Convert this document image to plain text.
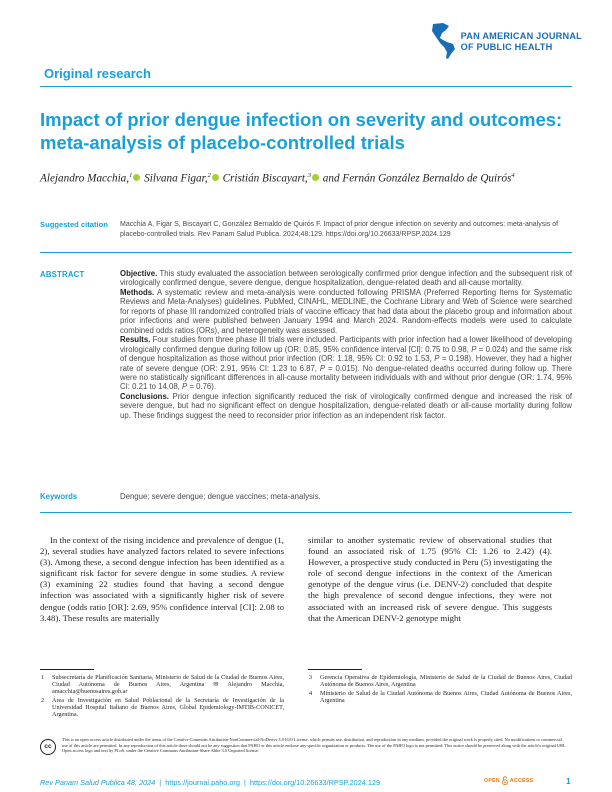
PAN AMERICAN JOURNAL
OF PUBLIC HEALTH
Original research
Impact of prior dengue infection on severity and outcomes: meta-analysis of placebo-controlled trials
Alejandro Macchia,$^1$ Silvana Figar,$^2$ Cristián Biscayart,$^3$ and Fernán González Bernaldo de Quirós$^4$
Suggested citation	Macchia A, Figar S, Biscayart C, González Bernaldo de Quirós F. Impact of prior dengue infection on severity and outcomes: meta-analysis of placebo-controlled trials. Rev Panam Salud Publica. 2024;48:129. https://doi.org/10.26633/RPSP.2024.129
ABSTRACT	Objective. This study evaluated the association between serologically confirmed prior dengue infection and the subsequent risk of virologically confirmed dengue, severe dengue, dengue hospitalization, dengue-related death and all-cause mortality.

Methods. A systematic review and meta-analysis were conducted following PRISMA (Preferred Reporting Items for Systematic Reviews and Meta-Analyses) guidelines. PubMed, CINAHL, MEDLINE, the Cochrane Library and Web of Science were searched for reports of phase III randomized controlled trials of vaccine efficacy that had data about the placebo group and information about prior infections and were published between January 1994 and March 2024. Random-effects models were used to calculate combined odds ratios (ORs), and heterogeneity was assessed.

Results. Four studies from three phase III trials were included. Participants with prior infection had a lower likelihood of developing virologically confirmed dengue during follow up (OR: 0.85, 95% confidence interval [CI]: 0.75 to 0.98, P = 0.024) and the same risk of dengue hospitalization as those without prior infection (OR: 1.18, 95% CI: 0.92 to 1.53, P = 0.198). However, they had a higher rate of severe dengue (OR: 2.91, 95% CI: 1.23 to 6.87, P = 0.015). No dengue-related deaths occurred during follow up. There were no statistically significant differences in all-cause mortality between individuals with and without prior dengue (OR: 1.74, 95% CI: 0.21 to 14.08, P = 0.76).

Conclusions. Prior dengue infection significantly reduced the risk of virologically confirmed dengue and increased the risk of severe dengue, but had no significant effect on dengue hospitalization, dengue-related death or all-cause mortality during follow up. These findings suggest the need to reconsider prior infection as an independent risk factor.

Keywords	Dengue; severe dengue; dengue vaccines; meta-analysis.
In the context of the rising incidence and prevalence of dengue (1, 2), several studies have analyzed factors related to severe infections (3). Among these, a second dengue infection has been identified as a significant risk factor for severe dengue in some studies. A review (3) examining 22 studies found that having a second dengue infection was associated with a significantly higher risk of severe dengue (odds ratio [OR]: 2.69, 95% confidence interval [CI]: 2.08 to 3.48). These results are materially
similar to another systematic review of observational studies that found an associated risk of 1.75 (95% CI: 1.26 to 2.42) (4). However, a prospective study conducted in Peru (5) investigating the role of second dengue infections in the context of the American genotype of the dengue virus (i.e. DENV-2) concluded that despite the high prevalence of second dengue infections, they were not associated with an increased risk of severe dengue. This suggests that the American DENV-2 genotype might
1 Subsecretaría de Planificación Sanitaria, Ministerio de Salud de la Ciudad de Buenos Aires, Ciudad Autónoma de Buenos Aires, Argentina ✉ Alejandro Macchia, amacchia@buenosaires.gob.ar
2 Área de Investigación en Salud Poblacional de la Secretaría de Investigación de la Universidad Hospital Italiano de Buenos Aires, Global Epidemiology-IMTIB-CONICET, Argentina.
3 Gerencia Operativa de Epidemiología, Ministerio de Salud de la Ciudad de Buenos Aires, Ciudad Autónoma de Buenos Aires, Argentina
4 Ministerio de Salud de la Ciudad Autónoma de Buenos Aires, Ciudad Autónoma de Buenos Aires, Argentina
cc
This is an open access article distributed under the terms of the Creative Commons Attribution-NonCommercial-NoDerivs 3.0 IGO License, which permits use, distribution, and reproduction in any medium, provided the original work is properly cited. No modifications or commercial use of this article are permitted. In any reproduction of this article there should not be any suggestion that PAHO or this article endorse any specific organization or products. The use of the PAHO logo is not permitted. This notice should be preserved along with the article's original URL. Open access logo and text by PLoS, under the Creative Commons Attribution-Share Alike 3.0 Unported license.
Rev Panam Salud Publica 48, 2024 | https://journal.paho.org | https://doi.org/10.26633/RPSP.2024.129	OPEN ACCESS	1
